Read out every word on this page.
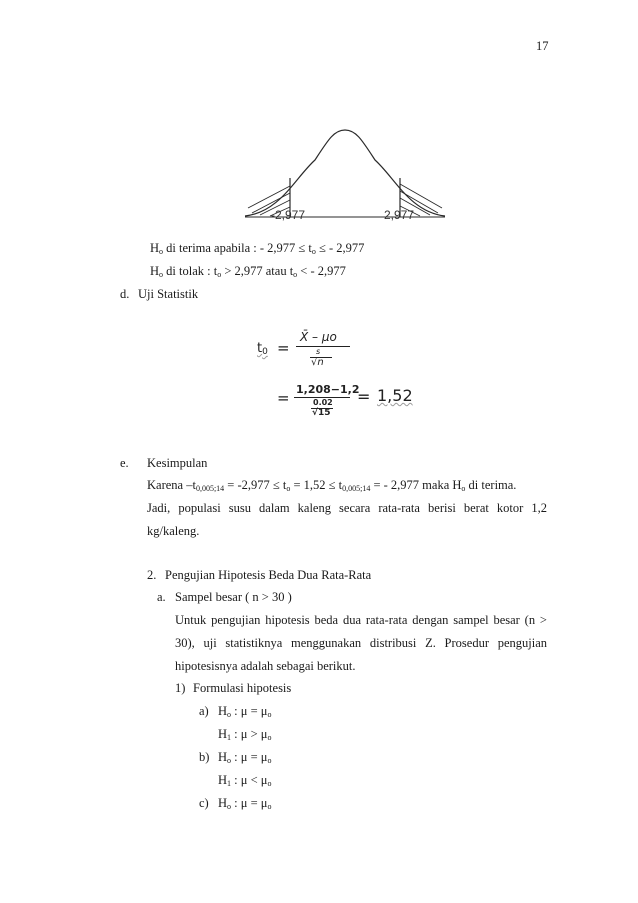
17
-2,977	2,977
$H_o$ di terima apabila : - $2,977 \le t_o$ ≤ - 2,977
$H_o$ di tolak : $t_o > 2,977$ atau $t_o$ < - 2,977
d. Uji Statistik
t0 =
X̄ – μo
s
√n
= 1,208−1,2
0.02
√15
= 1,52
e. Kesimpulan
Karena $-t_{0,005;14} = -2,977 \le t_o = 1,52 \le t_{0,005;14}$ = - 2,977 maka $H_o$ di terima.
Jadi, populasi susu dalam kaleng secara rata-rata berisi berat kotor 1,2
kg/kaleng.
2. Pengujian Hipotesis Beda Dua Rata-Rata
a. Sampel besar ( n > 30 )
Untuk pengujian hipotesis beda dua rata-rata dengan sampel besar (n >
30), uji statistiknya menggunakan distribusi Z. Prosedur pengujian
hipotesisnya adalah sebagai berikut.
1) Formulasi hipotesis
a) $H_o$ : $\mu = \mu_o$
$H_1$ : $\mu > \mu_o$
b) $H_o$ : $\mu = \mu_o$
$H_1$ : $\mu < \mu_o$
c) $H_o$ : $\mu = \mu_o$
